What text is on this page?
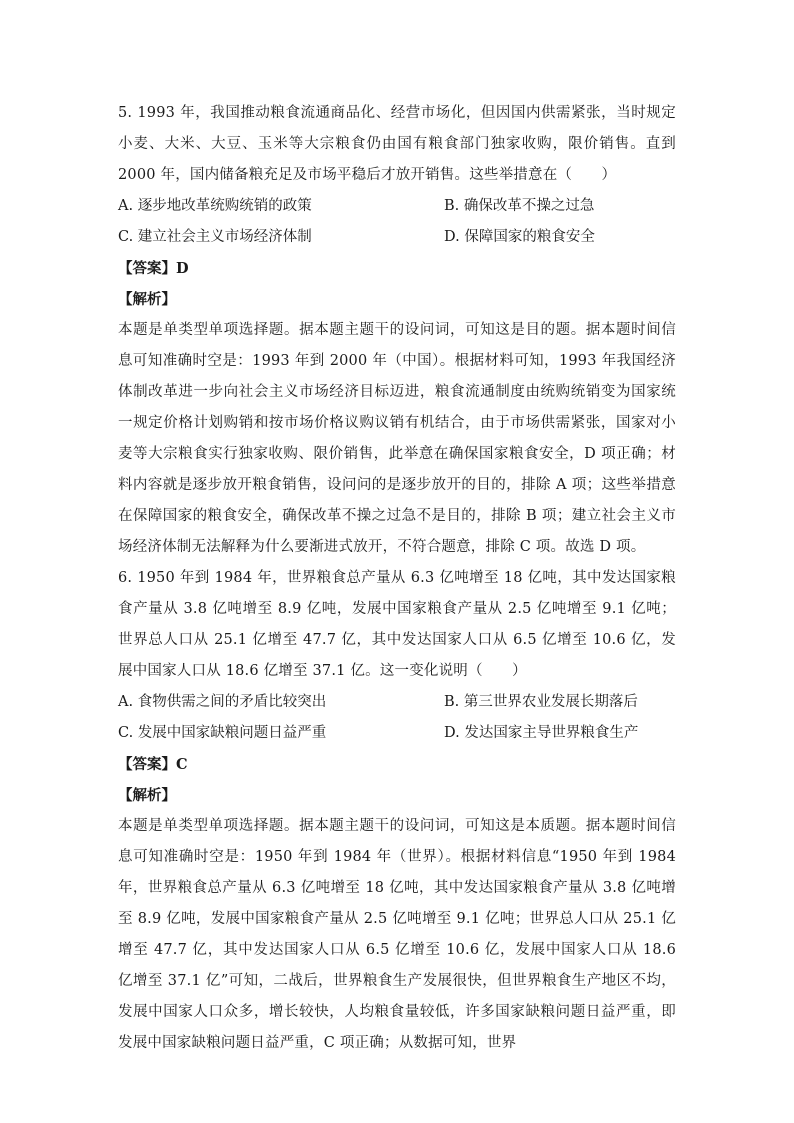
5. 1993 年，我国推动粮食流通商品化、经营市场化，但因国内供需紧张，当时规定小麦、大米、大豆、玉米等大宗粮食仍由国有粮食部门独家收购，限价销售。直到 2000 年，国内储备粮充足及市场平稳后才放开销售。这些举措意在（　　）

A. 逐步地改革统购统销的政策	B. 确保改革不操之过急
C. 建立社会主义市场经济体制	D. 保障国家的粮食安全
【答案】D
【解析】

本题是单类型单项选择题。据本题主题干的设问词，可知这是目的题。据本题时间信息可知准确时空是：1993 年到 2000 年（中国）。根据材料可知，1993 年我国经济体制改革进一步向社会主义市场经济目标迈进，粮食流通制度由统购统销变为国家统一规定价格计划购销和按市场价格议购议销有机结合，由于市场供需紧张，国家对小麦等大宗粮食实行独家收购、限价销售，此举意在确保国家粮食安全，D 项正确；材料内容就是逐步放开粮食销售，设问问的是逐步放开的目的，排除 A 项；这些举措意在保障国家的粮食安全，确保改革不操之过急不是目的，排除 B 项；建立社会主义市场经济体制无法解释为什么要渐进式放开，不符合题意，排除 C 项。故选 D 项。

6. 1950 年到 1984 年，世界粮食总产量从 6.3 亿吨增至 18 亿吨，其中发达国家粮食产量从 3.8 亿吨增至 8.9 亿吨，发展中国家粮食产量从 2.5 亿吨增至 9.1 亿吨；世界总人口从 25.1 亿增至 47.7 亿，其中发达国家人口从 6.5 亿增至 10.6 亿，发展中国家人口从 18.6 亿增至 37.1 亿。这一变化说明（　　）

A. 食物供需之间的矛盾比较突出	B. 第三世界农业发展长期落后
C. 发展中国家缺粮问题日益严重	D. 发达国家主导世界粮食生产
【答案】C
【解析】

本题是单类型单项选择题。据本题主题干的设问词，可知这是本质题。据本题时间信息可知准确时空是：1950 年到 1984 年（世界）。根据材料信息“1950 年到 1984 年，世界粮食总产量从 6.3 亿吨增至 18 亿吨，其中发达国家粮食产量从 3.8 亿吨增至 8.9 亿吨，发展中国家粮食产量从 2.5 亿吨增至 9.1 亿吨；世界总人口从 25.1 亿增至 47.7 亿，其中发达国家人口从 6.5 亿增至 10.6 亿，发展中国家人口从 18.6 亿增至 37.1 亿”可知，二战后，世界粮食生产发展很快，但世界粮食生产地区不均，发展中国家人口众多，增长较快，人均粮食量较低，许多国家缺粮问题日益严重，即发展中国家缺粮问题日益严重，C 项正确；从数据可知，世界
